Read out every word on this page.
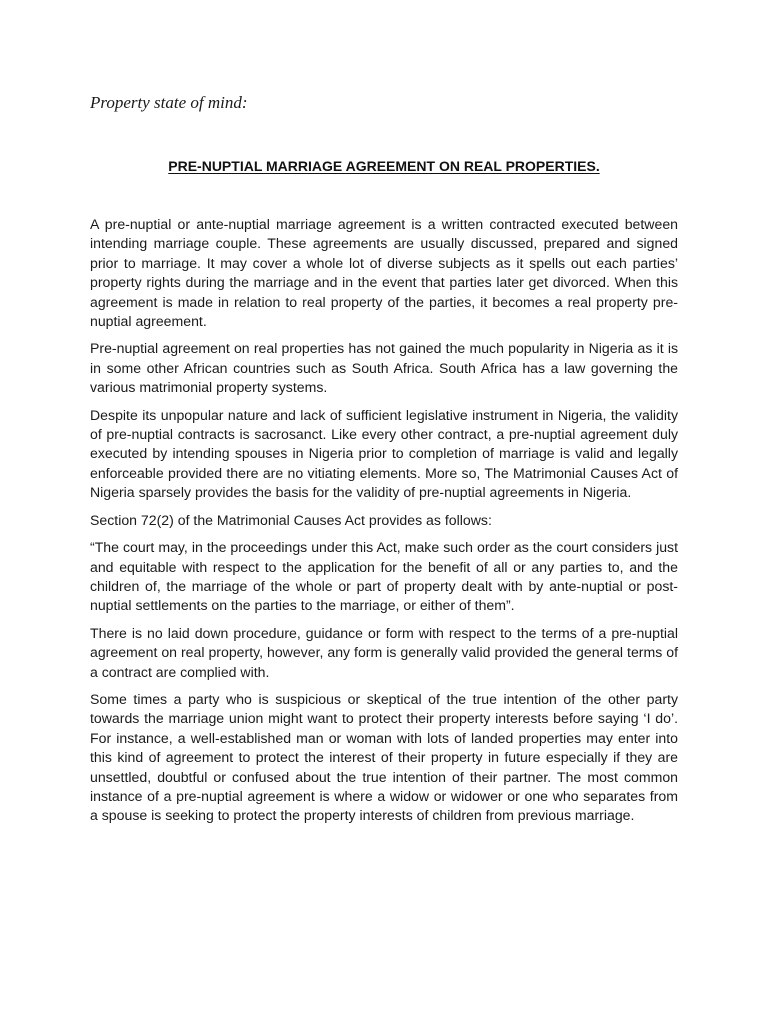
Property state of mind:

PRE-NUPTIAL MARRIAGE AGREEMENT ON REAL PROPERTIES.

A pre-nuptial or ante-nuptial marriage agreement is a written contracted executed between intending marriage couple. These agreements are usually discussed, prepared and signed prior to marriage. It may cover a whole lot of diverse subjects as it spells out each parties’ property rights during the marriage and in the event that parties later get divorced. When this agreement is made in relation to real property of the parties, it becomes a real property pre-nuptial agreement.

Pre-nuptial agreement on real properties has not gained the much popularity in Nigeria as it is in some other African countries such as South Africa. South Africa has a law governing the various matrimonial property systems.

Despite its unpopular nature and lack of sufficient legislative instrument in Nigeria, the validity of pre-nuptial contracts is sacrosanct. Like every other contract, a pre-nuptial agreement duly executed by intending spouses in Nigeria prior to completion of marriage is valid and legally enforceable provided there are no vitiating elements. More so, The Matrimonial Causes Act of Nigeria sparsely provides the basis for the validity of pre-nuptial agreements in Nigeria.

Section 72(2) of the Matrimonial Causes Act provides as follows:

“The court may, in the proceedings under this Act, make such order as the court considers just and equitable with respect to the application for the benefit of all or any parties to, and the children of, the marriage of the whole or part of property dealt with by ante-nuptial or post-nuptial settlements on the parties to the marriage, or either of them”.

There is no laid down procedure, guidance or form with respect to the terms of a pre-nuptial agreement on real property, however, any form is generally valid provided the general terms of a contract are complied with.

Some times a party who is suspicious or skeptical of the true intention of the other party towards the marriage union might want to protect their property interests before saying ‘I do’. For instance, a well-established man or woman with lots of landed properties may enter into this kind of agreement to protect the interest of their property in future especially if they are unsettled, doubtful or confused about the true intention of their partner. The most common instance of a pre-nuptial agreement is where a widow or widower or one who separates from a spouse is seeking to protect the property interests of children from previous marriage.
